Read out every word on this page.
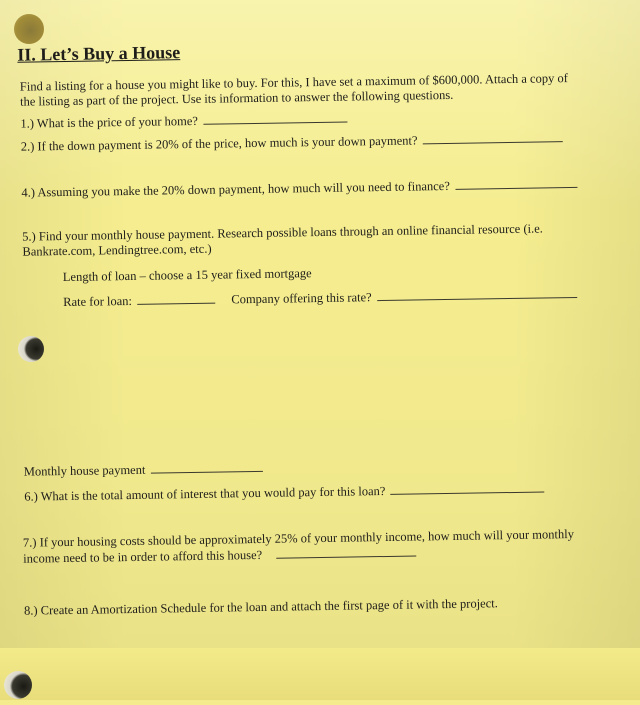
II. Let’s Buy a House
Find a listing for a house you might like to buy. For this, I have set a maximum of $600,000. Attach a copy of
the listing as part of the project. Use its information to answer the following questions.
1.) What is the price of your home?
2.) If the down payment is 20% of the price, how much is your down payment?
4.) Assuming you make the 20% down payment, how much will you need to finance?
5.) Find your monthly house payment. Research possible loans through an online financial resource (i.e.
Bankrate.com, Lendingtree.com, etc.)
Length of loan – choose a 15 year fixed mortgage
Rate for loan:	Company offering this rate?
Monthly house payment
6.) What is the total amount of interest that you would pay for this loan?
7.) If your housing costs should be approximately 25% of your monthly income, how much will your monthly
income need to be in order to afford this house?
8.) Create an Amortization Schedule for the loan and attach the first page of it with the project.
